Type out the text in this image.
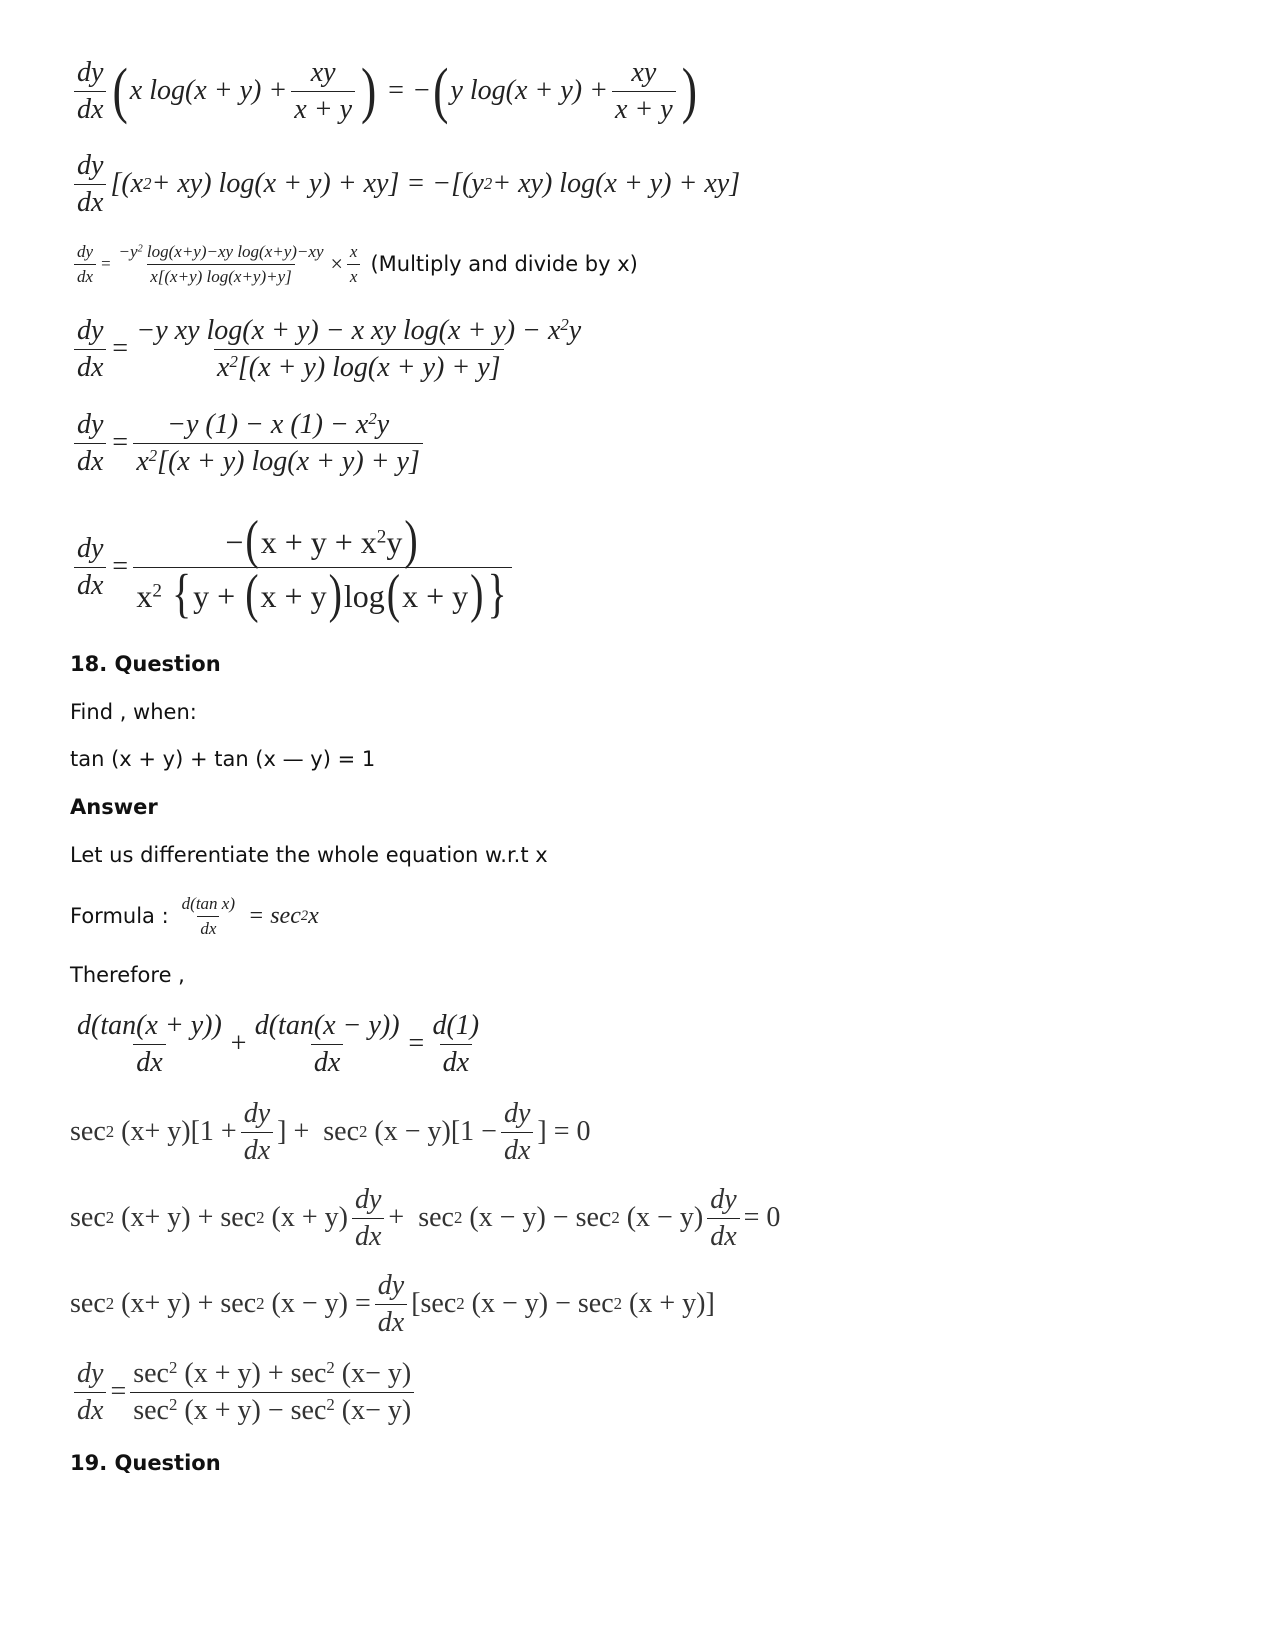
dy
dx ( x log(x + y) +
xy
x + y ) = − ( y log(x + y) +
xy
x + y )
dy
dx
[(x 2 + xy) log(x + y) + xy] = −[(y 2 + xy) log(x + y) + xy]
dy
dx
= $\frac{-y^2 \log(x+y)-xy \log(x+y)-xy}{x[(x+y) \log(x+y)+y]} \times \frac{x}{x}$ (Multiply and divide by x)
dy
dx
=
−y xy log(x + y) − x xy $\log(x + y) - x^2y$
$x^2[(x + y) \log(x + y) + y]$
dy
dx
=
−y (1) − x $(1) - x^2y$
$x^2[(x + y) \log(x + y) + y]$
dy
dx
=
$-(x + y + x^2y)$
$x^2$ {y + (x + y)log(x + y) }
18. Question
Find , when:
tan (x + y) + tan (x — y) = 1
Answer
Let us differentiate the whole equation w.r.t x
Formula :
d(tan x)
dx = sec 2 x
Therefore ,
d(tan(x + y))
dx
+
d(tan(x − y))
dx
=
d(1)
dx
sec 2 (x+ y)[1 +
dy
dx
] +  sec 2 (x − y)[1 −
dy
dx
] = 0
sec 2 (x+ y) + sec 2 (x + y)
dy
dx
+  sec 2 (x − y) − sec 2 (x − y)
dy
dx
= 0
sec 2 (x+ y) + sec 2 (x − y) =
dy
dx
[sec 2 (x − y) − sec 2 (x + y)]
dy
dx
=
$\sec^2 (x + y) + \sec^2 (x- y)$
$\sec^2 (x + y) - \sec^2 (x- y)$
19. Question
